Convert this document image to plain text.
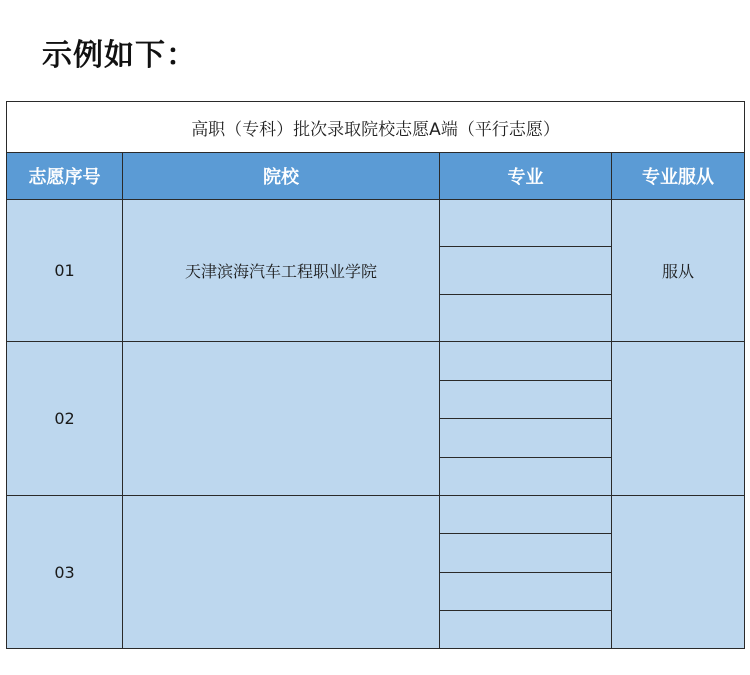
示例如下：
高职（专科）批次录取院校志愿A端（平行志愿）			
志愿序号	院校	专业	专业服从
01	天津滨海汽车工程职业学院		服从
02		

03		
